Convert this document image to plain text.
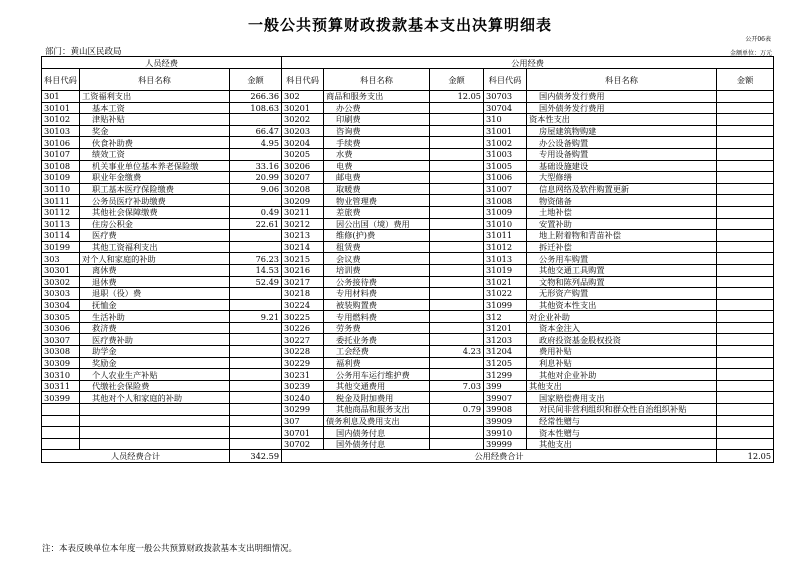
一般公共预算财政拨款基本支出决算明细表
公开06表
部门：黄山区民政局	金额单位：万元
人员经费			公用经费					
科目代码	科目名称	金额	科目代码	科目名称	金额	科目代码	科目名称	金额
301	工资福利支出	266.36	302	商品和服务支出	12.05	30703	国内债务发行费用	
30101	基本工资	108.63	30201	办公费		30704	国外债务发行费用	
30102	津贴补贴		30202	印刷费		310	资本性支出	
30103	奖金	66.47	30203	咨询费		31001	房屋建筑物购建	
30106	伙食补助费	4.95	30204	手续费		31002	办公设备购置	
30107	绩效工资		30205	水费		31003	专用设备购置	
30108	机关事业单位基本养老保险缴	33.16	30206	电费		31005	基础设施建设	
30109	职业年金缴费	20.99	30207	邮电费		31006	大型修缮	
30110	职工基本医疗保险缴费	9.06	30208	取暖费		31007	信息网络及软件购置更新	
30111	公务员医疗补助缴费		30209	物业管理费		31008	物资储备	
30112	其他社会保障缴费	0.49	30211	差旅费		31009	土地补偿	
30113	住房公积金	22.61	30212	因公出国（境）费用		31010	安置补助	
30114	医疗费		30213	维修(护)费		31011	地上附着物和青苗补偿	
30199	其他工资福利支出		30214	租赁费		31012	拆迁补偿	
303	对个人和家庭的补助	76.23	30215	会议费		31013	公务用车购置	
30301	离休费	14.53	30216	培训费		31019	其他交通工具购置	
30302	退休费	52.49	30217	公务接待费		31021	文物和陈列品购置	
30303	退职（役）费		30218	专用材料费		31022	无形资产购置	
30304	抚恤金		30224	被装购置费		31099	其他资本性支出	
30305	生活补助	9.21	30225	专用燃料费		312	对企业补助	
30306	救济费		30226	劳务费		31201	资本金注入	
30307	医疗费补助		30227	委托业务费		31203	政府投资基金股权投资	
30308	助学金		30228	工会经费	4.23	31204	费用补贴	
30309	奖励金		30229	福利费		31205	利息补贴	
30310	个人农业生产补贴		30231	公务用车运行维护费		31299	其他对企业补助	
30311	代缴社会保险费		30239	其他交通费用	7.03	399	其他支出	
30399	其他对个人和家庭的补助		30240	税金及附加费用		39907	国家赔偿费用支出	
			30299	其他商品和服务支出	0.79	39908	对民间非营利组织和群众性自治组织补贴	
			307	债务利息及费用支出		39909	经常性赠与	
			30701	国内债务付息		39910	资本性赠与	
			30702	国外债务付息		39999	其他支出	
人员经费合计		342.59	公用经费合计					12.05
注：本表反映单位本年度一般公共预算财政拨款基本支出明细情况。
